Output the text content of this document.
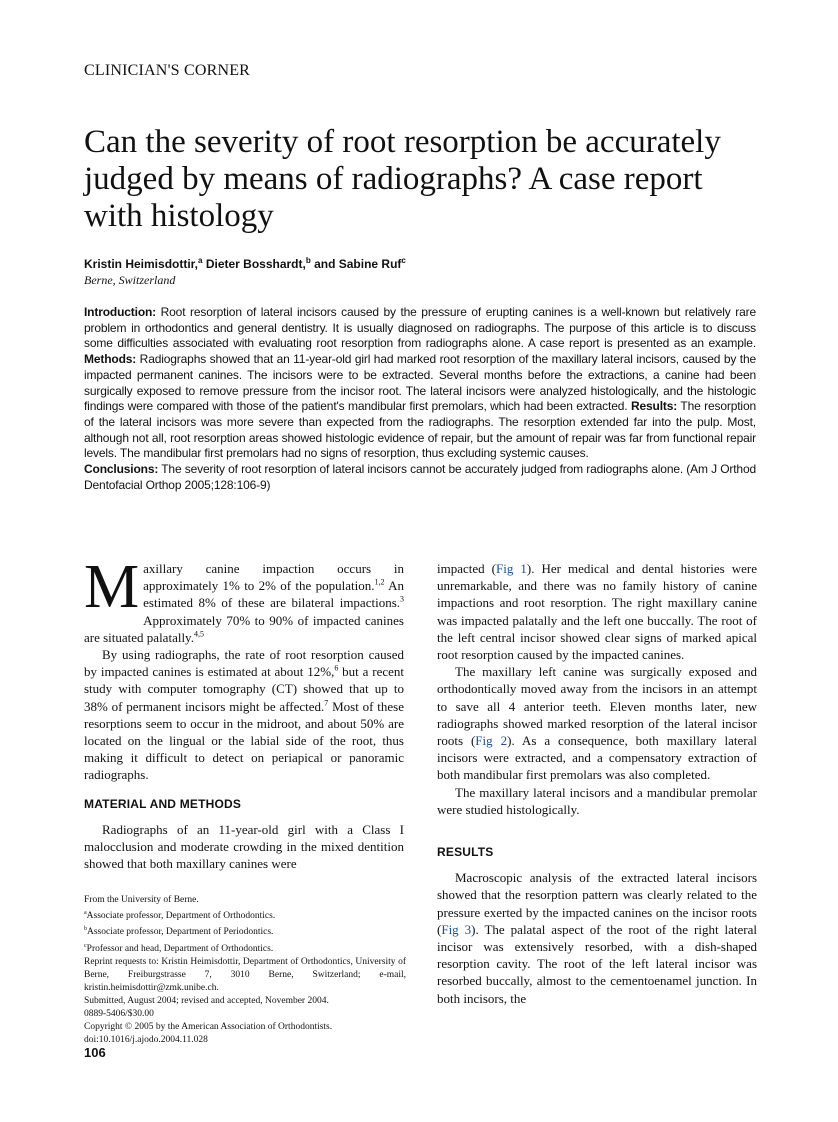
CLINICIAN'S CORNER
Can the severity of root resorption be accurately judged by means of radiographs? A case report with histology
Kristin Heimisdottir,$^a$ Dieter Bosshardt,$^b$ and Sabine Ruf$^c$
Berne, Switzerland
Introduction: Root resorption of lateral incisors caused by the pressure of erupting canines is a well-known but relatively rare problem in orthodontics and general dentistry. It is usually diagnosed on radiographs. The purpose of this article is to discuss some difficulties associated with evaluating root resorption from radiographs alone. A case report is presented as an example. Methods: Radiographs showed that an 11-year-old girl had marked root resorption of the maxillary lateral incisors, caused by the impacted permanent canines. The incisors were to be extracted. Several months before the extractions, a canine had been surgically exposed to remove pressure from the incisor root. The lateral incisors were analyzed histologically, and the histologic findings were compared with those of the patient's mandibular first premolars, which had been extracted. Results: The resorption of the lateral incisors was more severe than expected from the radiographs. The resorption extended far into the pulp. Most, although not all, root resorption areas showed histologic evidence of repair, but the amount of repair was far from functional repair levels. The mandibular first premolars had no signs of resorption, thus excluding systemic causes.
Conclusions: The severity of root resorption of lateral incisors cannot be accurately judged from radiographs alone. (Am J Orthod Dentofacial Orthop 2005;128:106-9)

Maxillary canine impaction occurs in approximately 1% to 2% of the population.$^{1,2}$ An estimated 8% of these are bilateral impactions.$^3$ Approximately 70% to 90% of impacted canines are situated palatally.$^{4,5}$

By using radiographs, the rate of root resorption caused by impacted canines is estimated at about 12%,$^6$ but a recent study with computer tomography (CT) showed that up to 38% of permanent incisors might be affected.$^7$ Most of these resorptions seem to occur in the midroot, and about 50% are located on the lingual or the labial side of the root, thus making it difficult to detect on periapical or panoramic radiographs.

MATERIAL AND METHODS

Radiographs of an 11-year-old girl with a Class I malocclusion and moderate crowding in the mixed dentition showed that both maxillary canines were

impacted (Fig 1). Her medical and dental histories were unremarkable, and there was no family history of canine impactions and root resorption. The right maxillary canine was impacted palatally and the left one buccally. The root of the left central incisor showed clear signs of marked apical root resorption caused by the impacted canines.

The maxillary left canine was surgically exposed and orthodontically moved away from the incisors in an attempt to save all 4 anterior teeth. Eleven months later, new radiographs showed marked resorption of the lateral incisor roots (Fig 2). As a consequence, both maxillary lateral incisors were extracted, and a compensatory extraction of both mandibular first premolars was also completed.

The maxillary lateral incisors and a mandibular premolar were studied histologically.

RESULTS

Macroscopic analysis of the extracted lateral incisors showed that the resorption pattern was clearly related to the pressure exerted by the impacted canines on the incisor roots (Fig 3). The palatal aspect of the root of the right lateral incisor was extensively resorbed, with a dish-shaped resorption cavity. The root of the left lateral incisor was resorbed buccally, almost to the cementoenamel junction. In both incisors, the

From the University of Berne.
$^a$Associate professor, Department of Orthodontics.
$^b$Associate professor, Department of Periodontics.
$^c$Professor and head, Department of Orthodontics.
Reprint requests to: Kristin Heimisdottir, Department of Orthodontics, University of Berne, Freiburgstrasse 7, 3010 Berne, Switzerland; e-mail, kristin.heimisdottir@zmk.unibe.ch.
Submitted, August 2004; revised and accepted, November 2004.
0889-5406/$30.00
Copyright © 2005 by the American Association of Orthodontists.
doi:10.1016/j.ajodo.2004.11.028
106
